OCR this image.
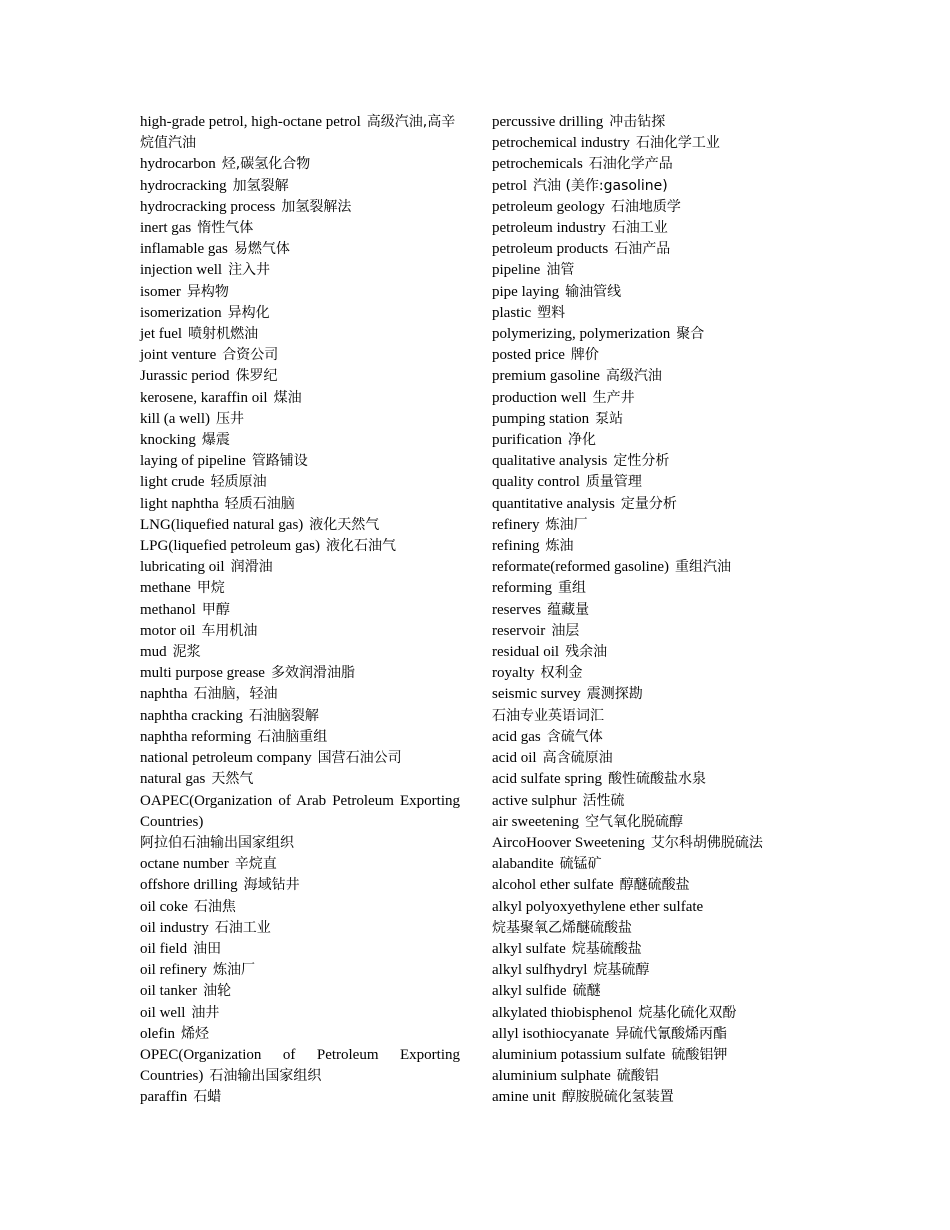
high-grade petrol, high-octane petrol 高级汽油,高辛烷值汽油
hydrocarbon 烃,碳氢化合物
hydrocracking 加氢裂解
hydrocracking process 加氢裂解法
inert gas 惰性气体
inflamable gas 易燃气体
injection well 注入井
isomer 异构物
isomerization 异构化
jet fuel 喷射机燃油
joint venture 合资公司
Jurassic period 侏罗纪
kerosene, karaffin oil 煤油
kill (a well) 压井
knocking 爆震
laying of pipeline 管路铺设
light crude 轻质原油
light naphtha 轻质石油脑
LNG(liquefied natural gas) 液化天然气
LPG(liquefied petroleum gas) 液化石油气
lubricating oil 润滑油
methane 甲烷
methanol 甲醇
motor oil 车用机油
mud 泥浆
multi purpose grease 多效润滑油脂
naphtha 石油脑，轻油
naphtha cracking 石油脑裂解
naphtha reforming 石油脑重组
national petroleum company 国营石油公司
natural gas 天然气
OAPEC(Organization of Arab Petroleum Exporting Countries)
阿拉伯石油输出国家组织
octane number 辛烷直
offshore drilling 海域钻井
oil coke 石油焦
oil industry 石油工业
oil field 油田
oil refinery 炼油厂
oil tanker 油轮
oil well 油井
olefin 烯烃
OPEC(Organization of Petroleum Exporting Countries) 石油输出国家组织
paraffin 石蜡
percussive drilling 冲击钻探
petrochemical industry 石油化学工业
petrochemicals 石油化学产品
petrol 汽油 (美作:gasoline)
petroleum geology 石油地质学
petroleum industry 石油工业
petroleum products 石油产品
pipeline 油管
pipe laying 输油管线
plastic 塑料
polymerizing, polymerization 聚合
posted price 牌价
premium gasoline 高级汽油
production well 生产井
pumping station 泵站
purification 净化
qualitative analysis 定性分析
quality control 质量管理
quantitative analysis 定量分析
refinery 炼油厂
refining 炼油
reformate(reformed gasoline) 重组汽油
reforming 重组
reserves 蕴藏量
reservoir 油层
residual oil 残余油
royalty 权利金
seismic survey 震测探勘
石油专业英语词汇
acid gas 含硫气体
acid oil 高含硫原油
acid sulfate spring 酸性硫酸盐水泉
active sulphur 活性硫
air sweetening 空气氧化脱硫醇
AircoHoover Sweetening 艾尔科胡佛脱硫法
alabandite 硫锰矿
alcohol ether sulfate 醇醚硫酸盐
alkyl polyoxyethylene ether sulfate
烷基聚氧乙烯醚硫酸盐
alkyl sulfate 烷基硫酸盐
alkyl sulfhydryl 烷基硫醇
alkyl sulfide 硫醚
alkylated thiobisphenol 烷基化硫化双酚
allyl isothiocyanate 异硫代氰酸烯丙酯
aluminium potassium sulfate 硫酸铝钾
aluminium sulphate 硫酸铝
amine unit 醇胺脱硫化氢装置
